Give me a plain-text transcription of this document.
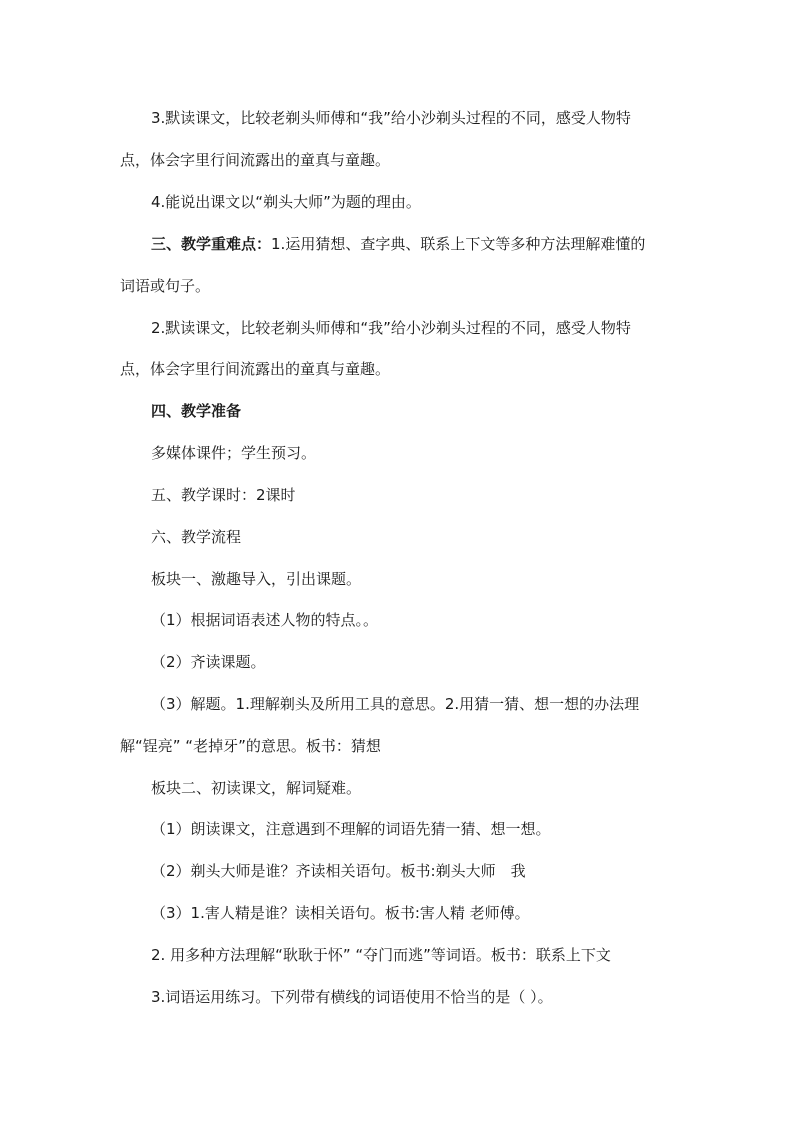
3.默读课文，比较老剃头师傅和“我”给小沙剃头过程的不同，感受人物特
点，体会字里行间流露出的童真与童趣。
4.能说出课文以“剃头大师”为题的理由。
三、教学重难点：1.运用猜想、查字典、联系上下文等多种方法理解难懂的
词语或句子。
2.默读课文，比较老剃头师傅和“我”给小沙剃头过程的不同，感受人物特
点，体会字里行间流露出的童真与童趣。
四、教学准备
多媒体课件；学生预习。
五、教学课时：2课时
六、教学流程
板块一、激趣导入，引出课题。
（1）根据词语表述人物的特点。。
（2）齐读课题。
（3）解题。1.理解剃头及所用工具的意思。2.用猜一猜、想一想的办法理
解“锃亮” “老掉牙”的意思。板书：猜想
板块二、初读课文，解词疑难。
（1）朗读课文，注意遇到不理解的词语先猜一猜、想一想。
（2）剃头大师是谁？齐读相关语句。板书:剃头大师　我
（3）1.害人精是谁？读相关语句。板书:害人精 老师傅。
2. 用多种方法理解“耿耿于怀” “夺门而逃”等词语。板书：联系上下文
3.词语运用练习。下列带有横线的词语使用不恰当的是（ ）。
